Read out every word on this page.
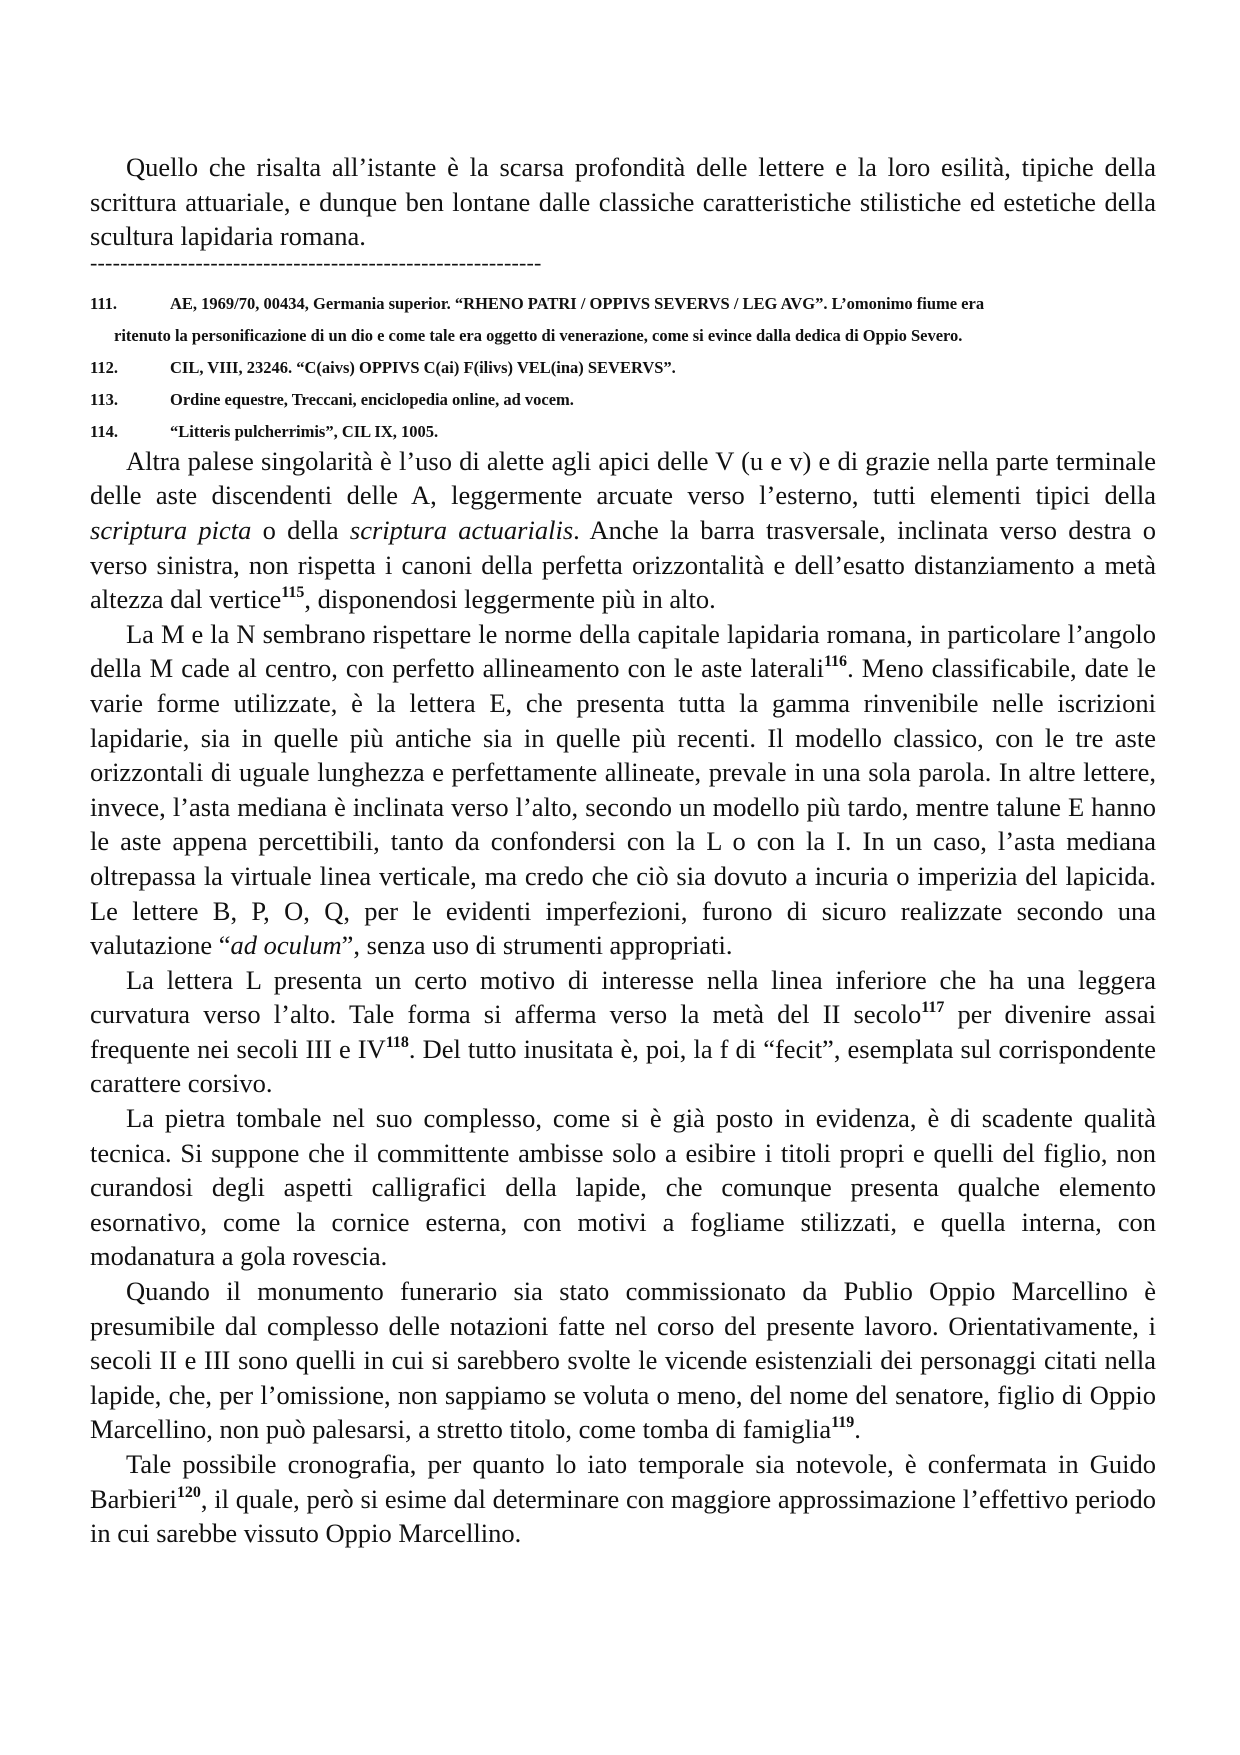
Quello che risalta all’istante è la scarsa profondità delle lettere e la loro esilità, tipiche della scrittura attuariale, e dunque ben lontane dalle classiche caratteristiche stilistiche ed estetiche della scultura lapidaria romana.

------------------------------------------------------------
111.	AE, 1969/70, 00434, Germania superior. “RHENO PATRI / OPPIVS SEVERVS / LEG AVG”. L’omonimo fiume era
ritenuto la personificazione di un dio e come tale era oggetto di venerazione, come si evince dalla dedica di Oppio Severo.
112.	CIL, VIII, 23246. “C(aivs) OPPIVS C(ai) F(ilivs) VEL(ina) SEVERVS”.
113.	Ordine equestre, Treccani, enciclopedia online, ad vocem.
114.	“Litteris pulcherrimis”, CIL IX, 1005.

Altra palese singolarità è l’uso di alette agli apici delle V (u e v) e di grazie nella parte terminale delle aste discendenti delle A, leggermente arcuate verso l’esterno, tutti elementi tipici della scriptura picta o della scriptura actuarialis. Anche la barra trasversale, inclinata verso destra o verso sinistra, non rispetta i canoni della perfetta orizzontalità e dell’esatto distanziamento a metà altezza dal vertice$^{115}$, disponendosi leggermente più in alto.

La M e la N sembrano rispettare le norme della capitale lapidaria romana, in particolare l’angolo della M cade al centro, con perfetto allineamento con le aste laterali$^{116}$. Meno classificabile, date le varie forme utilizzate, è la lettera E, che presenta tutta la gamma rinvenibile nelle iscrizioni lapidarie, sia in quelle più antiche sia in quelle più recenti. Il modello classico, con le tre aste orizzontali di uguale lunghezza e perfettamente allineate, prevale in una sola parola. In altre lettere, invece, l’asta mediana è inclinata verso l’alto, secondo un modello più tardo, mentre talune E hanno le aste appena percettibili, tanto da confondersi con la L o con la I. In un caso, l’asta mediana oltrepassa la virtuale linea verticale, ma credo che ciò sia dovuto a incuria o imperizia del lapicida. Le lettere B, P, O, Q, per le evidenti imperfezioni, furono di sicuro realizzate secondo una valutazione “ad oculum”, senza uso di strumenti appropriati.

La lettera L presenta un certo motivo di interesse nella linea inferiore che ha una leggera curvatura verso l’alto. Tale forma si afferma verso la metà del II secolo$^{117}$ per divenire assai frequente nei secoli III e IV$^{118}$. Del tutto inusitata è, poi, la f di “fecit”, esemplata sul corrispondente carattere corsivo.

La pietra tombale nel suo complesso, come si è già posto in evidenza, è di scadente qualità tecnica. Si suppone che il committente ambisse solo a esibire i titoli propri e quelli del figlio, non curandosi degli aspetti calligrafici della lapide, che comunque presenta qualche elemento esornativo, come la cornice esterna, con motivi a fogliame stilizzati, e quella interna, con modanatura a gola rovescia.

Quando il monumento funerario sia stato commissionato da Publio Oppio Marcellino è presumibile dal complesso delle notazioni fatte nel corso del presente lavoro. Orientativamente, i secoli II e III sono quelli in cui si sarebbero svolte le vicende esistenziali dei personaggi citati nella lapide, che, per l’omissione, non sappiamo se voluta o meno, del nome del senatore, figlio di Oppio Marcellino, non può palesarsi, a stretto titolo, come tomba di famiglia$^{119}$.

Tale possibile cronografia, per quanto lo iato temporale sia notevole, è confermata in Guido Barbieri$^{120}$, il quale, però si esime dal determinare con maggiore approssimazione l’effettivo periodo in cui sarebbe vissuto Oppio Marcellino.
